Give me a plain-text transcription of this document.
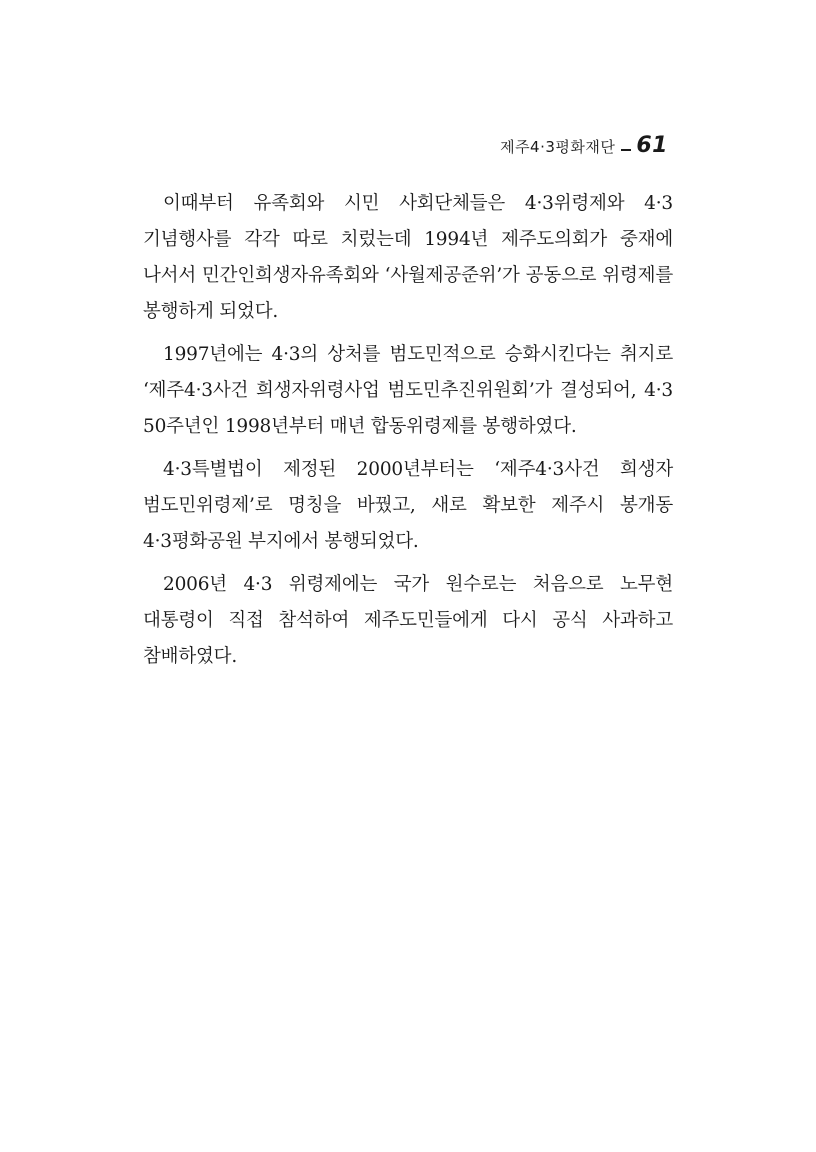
제주4·3평화재단 61

이때부터 유족회와 시민 사회단체들은 4·3위령제와 4·3 기념행사를 각각 따로 치렀는데 1994년 제주도의회가 중재에 나서서 민간인희생자유족회와 ‘사월제공준위’가 공동으로 위령제를 봉행하게 되었다.

1997년에는 4·3의 상처를 범도민적으로 승화시킨다는 취지로 ‘제주4·3사건 희생자위령사업 범도민추진위원회’가 결성되어, 4·3 50주년인 1998년부터 매년 합동위령제를 봉행하였다.

4·3특별법이 제정된 2000년부터는 ‘제주4·3사건 희생자 범도민위령제’로 명칭을 바꿨고, 새로 확보한 제주시 봉개동 4·3평화공원 부지에서 봉행되었다.

2006년 4·3 위령제에는 국가 원수로는 처음으로 노무현 대통령이 직접 참석하여 제주도민들에게 다시 공식 사과하고 참배하였다.
